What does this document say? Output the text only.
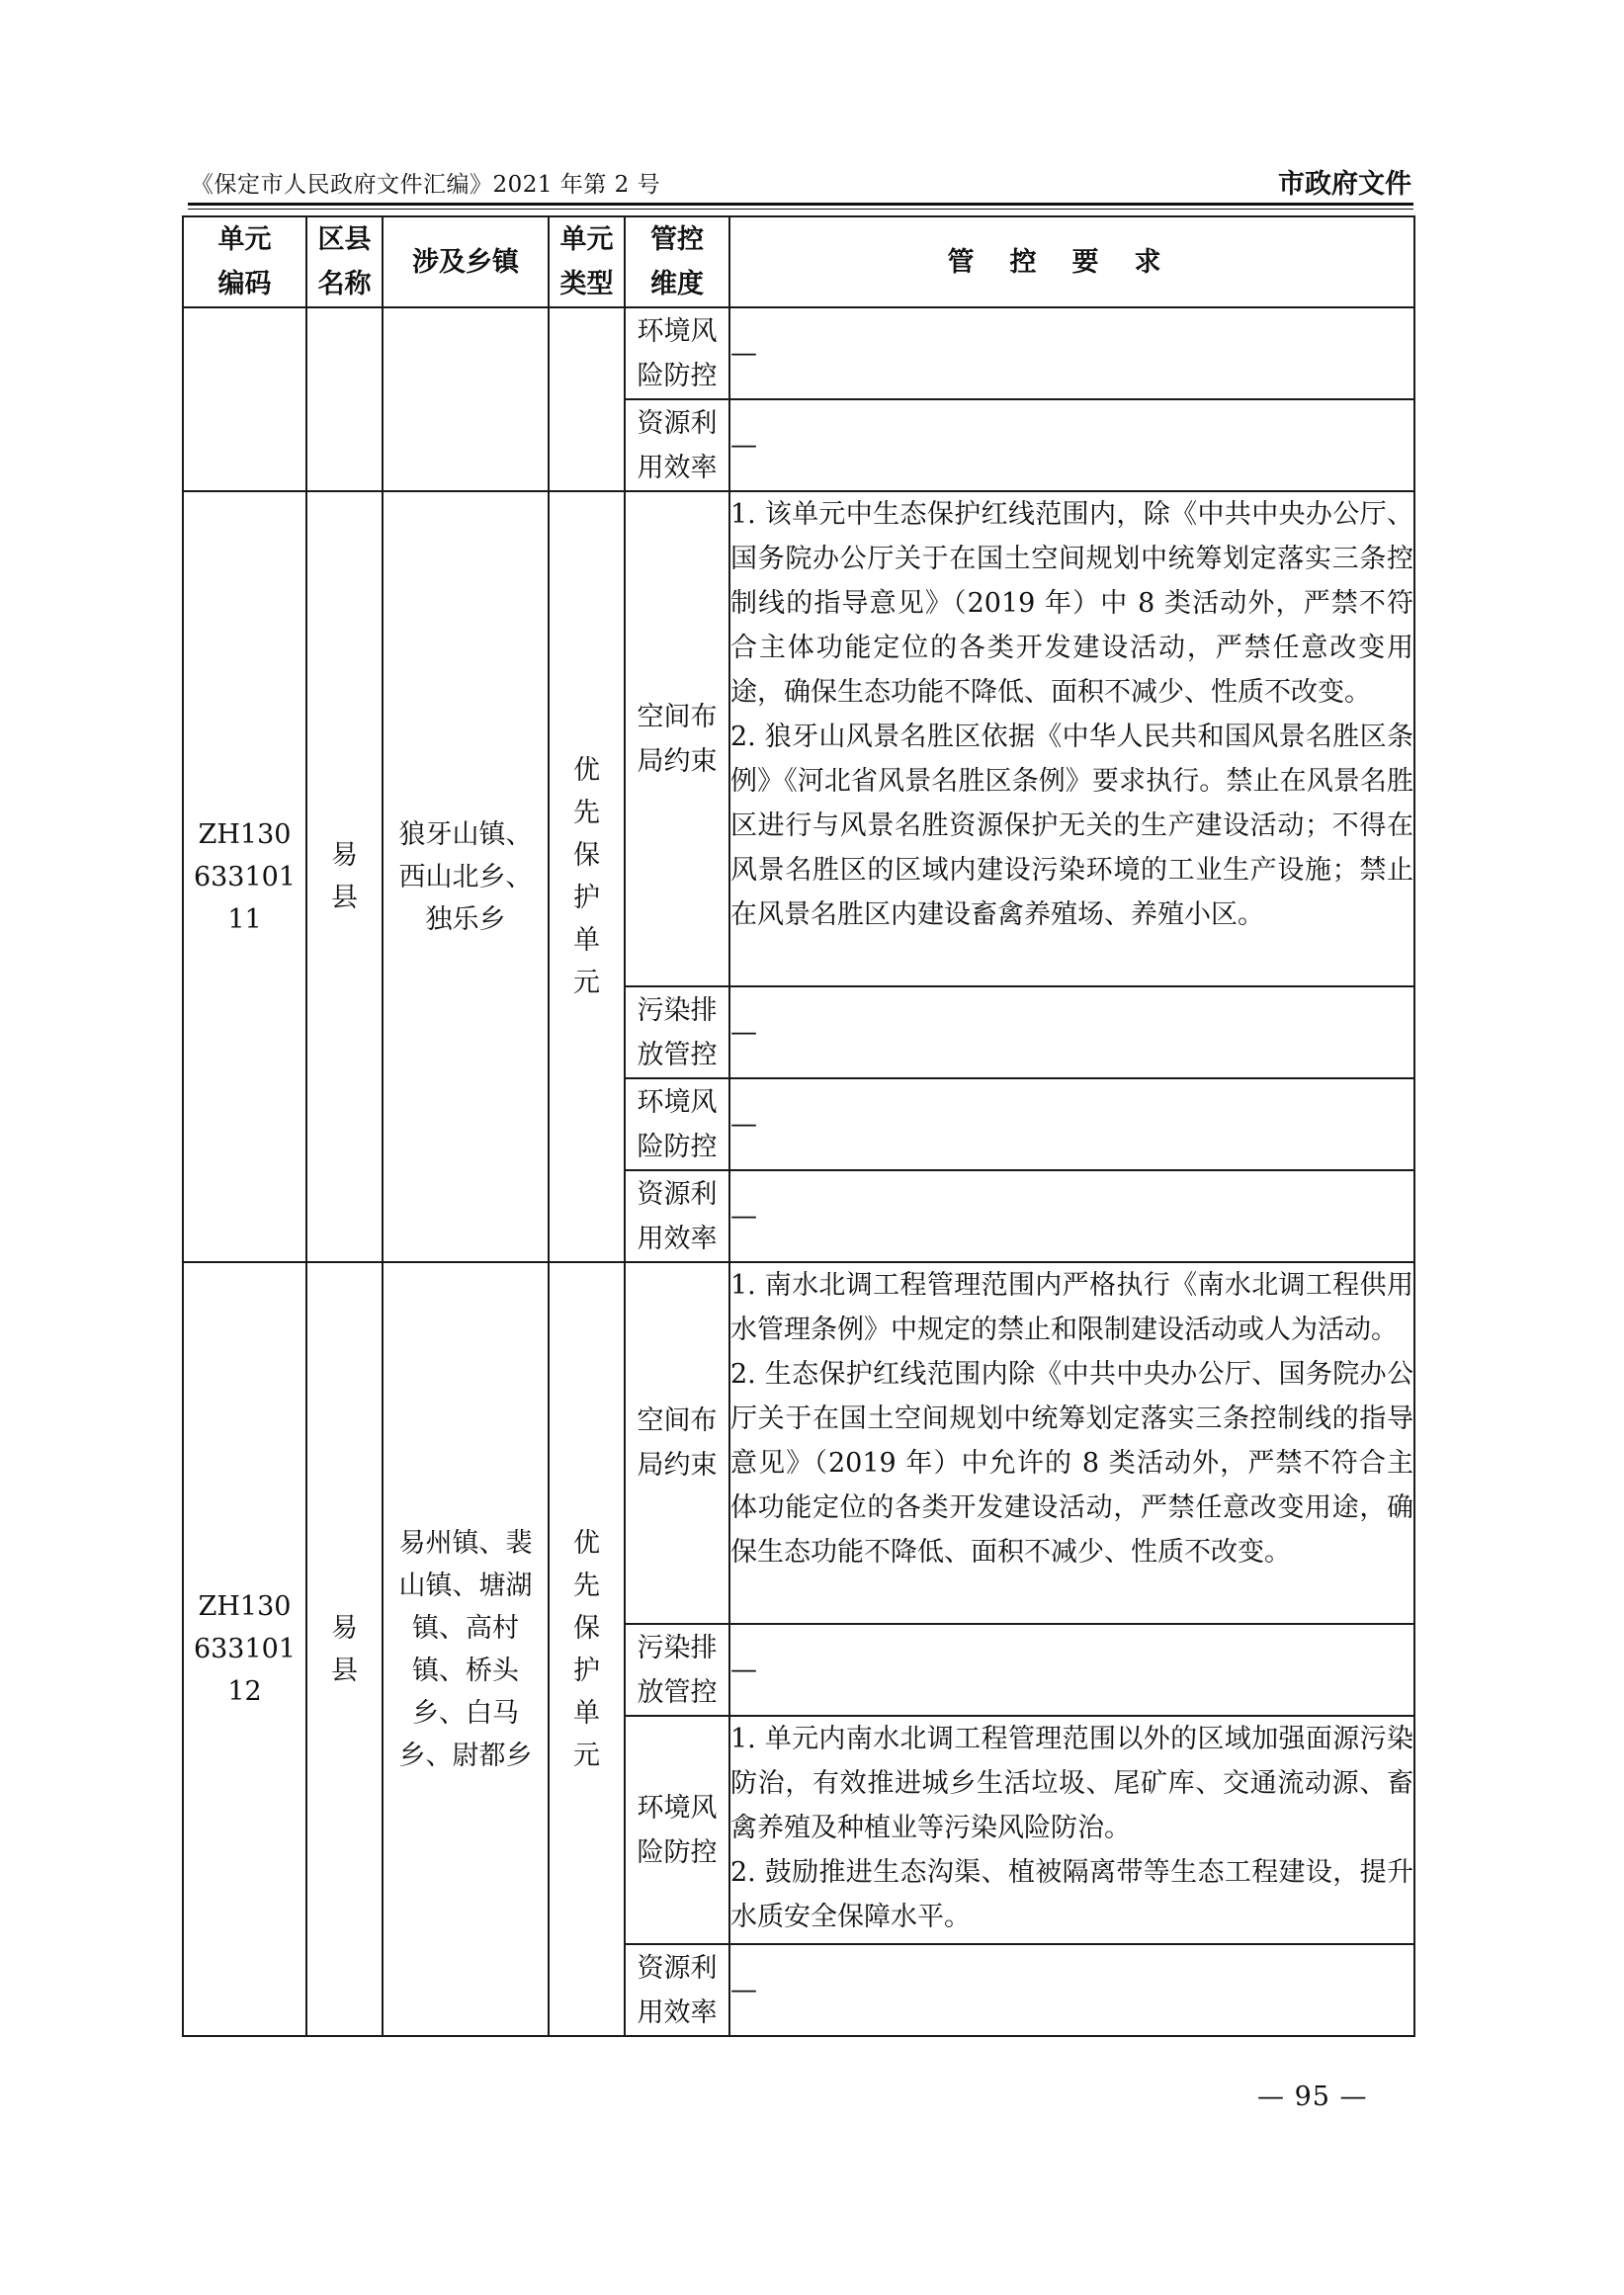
《保定市人民政府文件汇编》2021 年第 2 号	市政府文件
单元编码	区县名称	涉及乡镇	单元类型	管控维度	管控要求
				环境风险防控	—
				资源利用效率	—
ZH13063310111	易县	狼牙山镇、西山北乡、独乐乡	优先保护单元	空间布局约束	1. 该单元中生态保护红线范围内，除《中共中央办公厅、国务院办公厅关于在国土空间规划中统筹划定落实三条控制线的指导意见》（2019 年）中 8 类活动外，严禁不符合主体功能定位的各类开发建设活动，严禁任意改变用途，确保生态功能不降低、面积不减少、性质不改变。

2. 狼牙山风景名胜区依据《中华人民共和国风景名胜区条例》《河北省风景名胜区条例》要求执行。禁止在风景名胜区进行与风景名胜资源保护无关的生产建设活动；不得在风景名胜区的区域内建设污染环境的工业生产设施；禁止在风景名胜区内建设畜禽养殖场、养殖小区。

				污染排放管控	—
				环境风险防控	—
				资源利用效率	—
ZH13063310112	易县	易州镇、裴山镇、塘湖镇、高村镇、桥头乡、白马乡、尉都乡	优先保护单元	空间布局约束	1. 南水北调工程管理范围内严格执行《南水北调工程供用水管理条例》中规定的禁止和限制建设活动或人为活动。

2. 生态保护红线范围内除《中共中央办公厅、国务院办公厅关于在国土空间规划中统筹划定落实三条控制线的指导意见》（2019 年）中允许的 8 类活动外，严禁不符合主体功能定位的各类开发建设活动，严禁任意改变用途，确保生态功能不降低、面积不减少、性质不改变。

				污染排放管控	—
				环境风险防控	1. 单元内南水北调工程管理范围以外的区域加强面源污染防治，有效推进城乡生活垃圾、尾矿库、交通流动源、畜禽养殖及种植业等污染风险防治。

2. 鼓励推进生态沟渠、植被隔离带等生态工程建设，提升水质安全保障水平。

				资源利用效率	—
— 95 —
